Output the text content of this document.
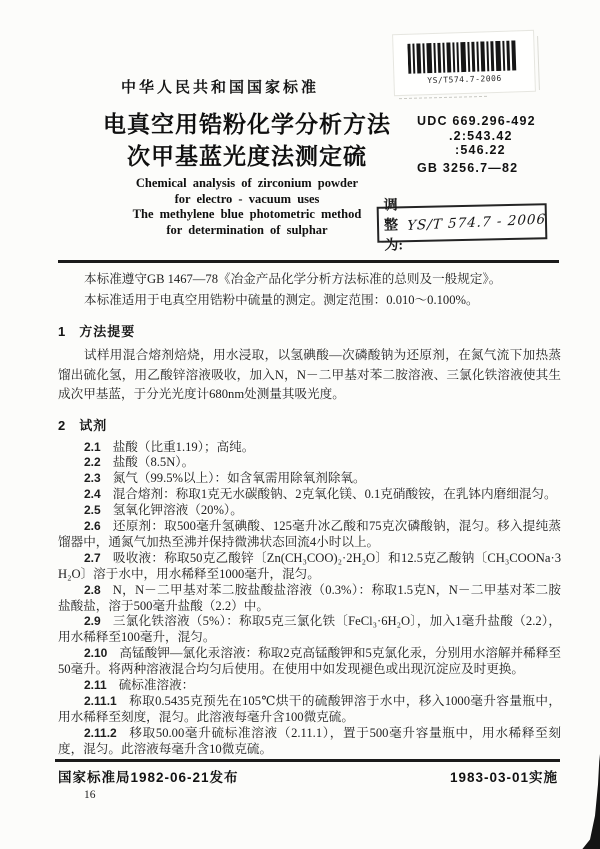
YS/T574.7-2006
中华人民共和国国家标准
电真空用锆粉化学分析方法
次甲基蓝光度法测定硫
UDC 669.296-492
.2:543.42
:546.22
GB 3256.7—82
Chemical analysis of zirconium powder
for electro - vacuum uses
The methylene blue photometric method
for determination of sulphar
调整为:
YS/T 574.7 - 2006

本标准遵守GB 1467—78《冶金产品化学分析方法标准的总则及一般规定》。

本标准适用于电真空用锆粉中硫量的测定。测定范围：0.010～0.100%。

1 方法提要

试样用混合熔剂焙烧，用水浸取，以氢碘酸—次磷酸钠为还原剂，在氮气流下加热蒸馏出硫化氢，用乙酸锌溶液吸收，加入N，N－二甲基对苯二胺溶液、三氯化铁溶液使其生成次甲基蓝，于分光光度计680nm处测量其吸光度。

2 试剂

2.1 盐酸（比重1.19）；高纯。

2.2 盐酸（8.5N）。

2.3 氮气（99.5%以上）：如含氧需用除氧剂除氧。

2.4 混合熔剂：称取1克无水碳酸钠、2克氧化镁、0.1克硝酸铵，在乳钵内磨细混匀。

2.5 氢氧化钾溶液（20%）。

2.6 还原剂：取500毫升氢碘酸、125毫升冰乙酸和75克次磷酸钠，混匀。移入提纯蒸馏器中，通氮气加热至沸并保持微沸状态回流4小时以上。

2.7 吸收液：称取50克乙酸锌〔Zn(CH₃COO)₂·2H₂O〕和12.5克乙酸钠〔CH₃COONa·3H₂O〕溶于水中，用水稀释至1000毫升，混匀。

2.8 N，N－二甲基对苯二胺盐酸盐溶液（0.3%）：称取1.5克N，N－二甲基对苯二胺盐酸盐，溶于500毫升盐酸（2.2）中。

2.9 三氯化铁溶液（5%）：称取5克三氯化铁〔FeCl₃·6H₂O〕，加入1毫升盐酸（2.2），用水稀释至100毫升，混匀。

2.10 高锰酸钾—氯化汞溶液：称取2克高锰酸钾和5克氯化汞，分别用水溶解并稀释至50毫升。将两种溶液混合均匀后使用。在使用中如发现褪色或出现沉淀应及时更换。

2.11 硫标准溶液：

2.11.1 称取0.5435克预先在105℃烘干的硫酸钾溶于水中，移入1000毫升容量瓶中，用水稀释至刻度，混匀。此溶液每毫升含100微克硫。

2.11.2 移取50.00毫升硫标准溶液（2.11.1），置于500毫升容量瓶中，用水稀释至刻度，混匀。此溶液每毫升含10微克硫。

国家标准局1982-06-21发布	1983-03-01实施
16
